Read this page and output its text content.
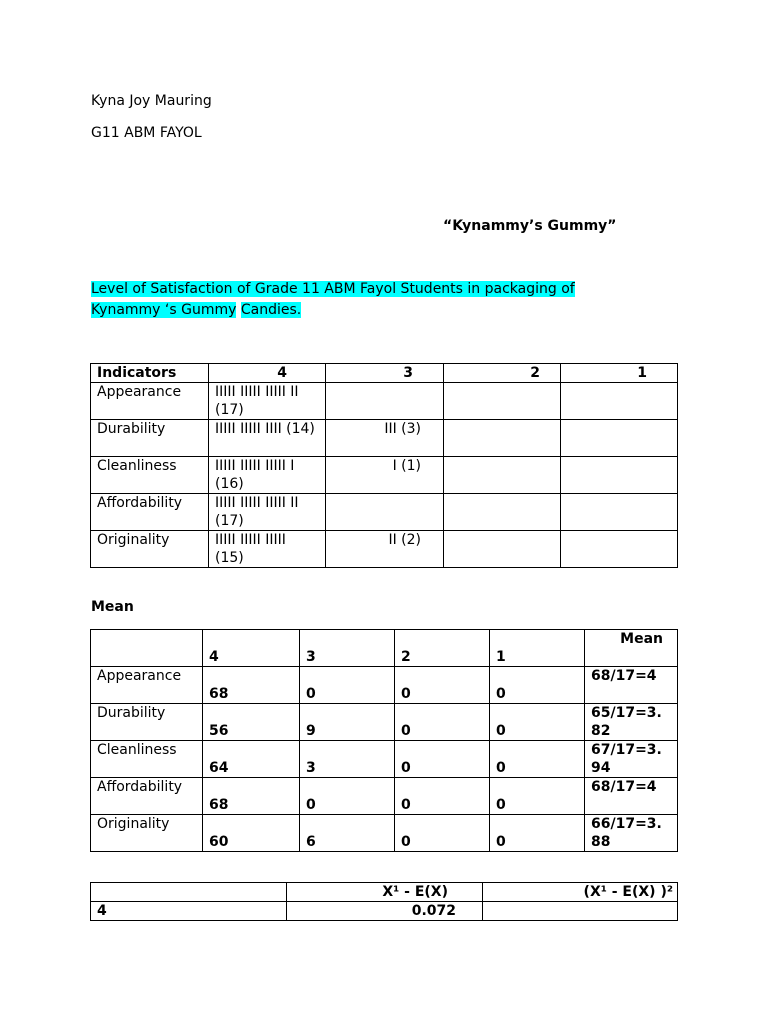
Kyna Joy Mauring
G11 ABM FAYOL
“Kynammy’s Gummy”
Level of Satisfaction of Grade 11 ABM Fayol Students in packaging of
Kynammy ‘s Gummy Candies.
Indicators	4	3	2	1
Appearance	IIIII IIIII IIIII II (17)			
Durability	IIIII IIIII IIII (14)	III (3)		
Cleanliness	IIIII IIIII IIIII I (16)	I (1)		
Affordability	IIIII IIIII IIIII II (17)			
Originality	IIIII IIIII IIIII (15)	II (2)		
Mean
	4	3	2	1	Mean
Appearance	68	0	0	0	68/17=4
Durability	56	9	0	0	65/17=3.82
Cleanliness	64	3	0	0	67/17=3.94
Affordability	68	0	0	0	68/17=4
Originality	60	6	0	0	66/17=3.88
	X¹ - E(X)	(X¹ - E(X) )²
4	0.072	
